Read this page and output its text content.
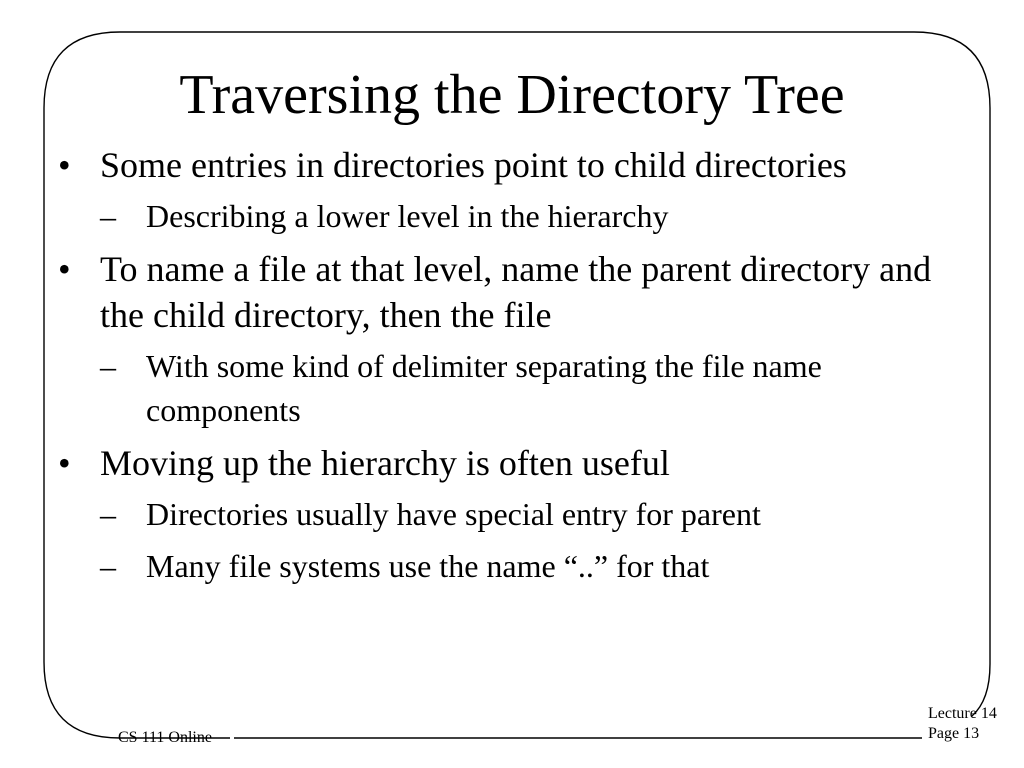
Traversing the Directory Tree
• Some entries in directories point to child directories
– Describing a lower level in the hierarchy
• To name a file at that level, name the parent directory and the child directory, then the file
– With some kind of delimiter separating the file name components
• Moving up the hierarchy is often useful
– Directories usually have special entry for parent
– Many file systems use the name “..” for that
CS 111 Online
Lecture 14
Page 13
